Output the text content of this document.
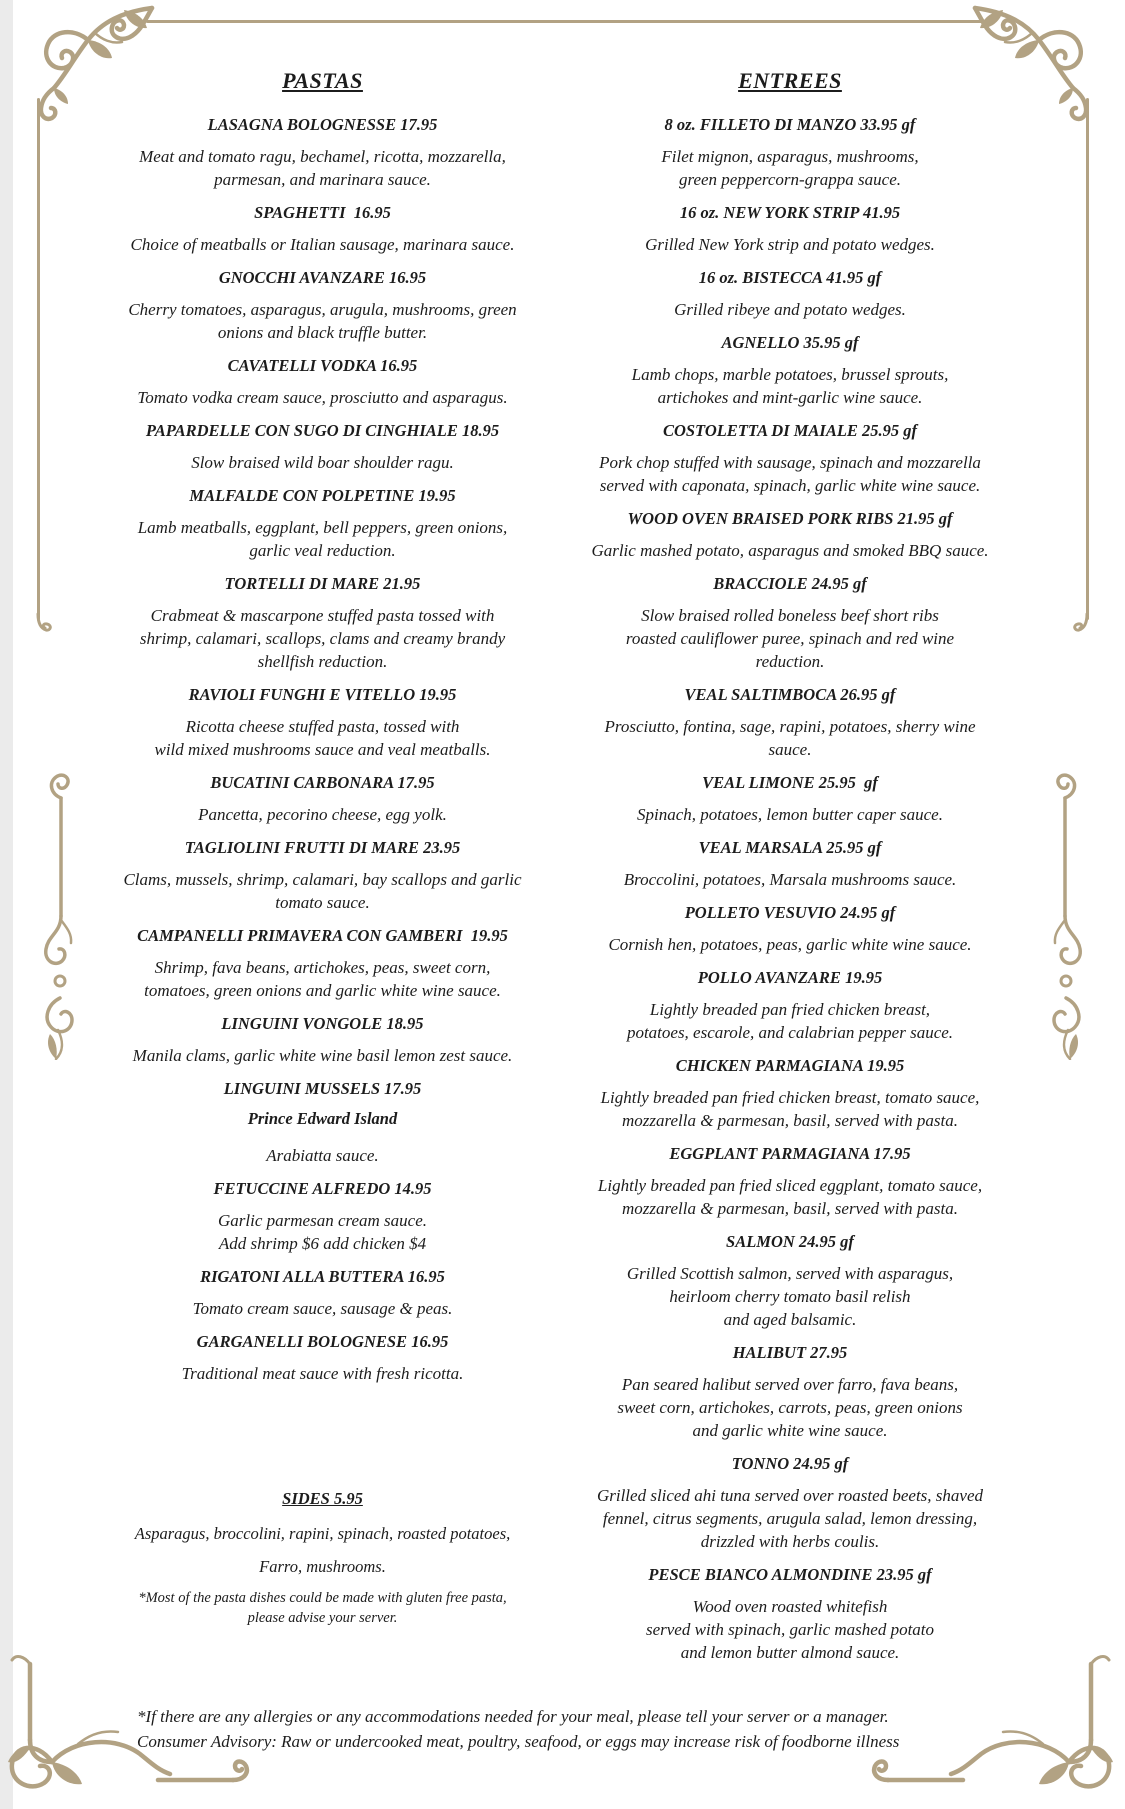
PASTAS
LASAGNA BOLOGNESSE 17.95
Meat and tomato ragu, bechamel, ricotta, mozzarella,
parmesan, and marinara sauce.
SPAGHETTI  16.95
Choice of meatballs or Italian sausage, marinara sauce.
GNOCCHI AVANZARE 16.95
Cherry tomatoes, asparagus, arugula, mushrooms, green
onions and black truffle butter.
CAVATELLI VODKA 16.95
Tomato vodka cream sauce, prosciutto and asparagus.
PAPARDELLE CON SUGO DI CINGHIALE 18.95
Slow braised wild boar shoulder ragu.
MALFALDE CON POLPETINE 19.95
Lamb meatballs, eggplant, bell peppers, green onions,
garlic veal reduction.
TORTELLI DI MARE 21.95
Crabmeat & mascarpone stuffed pasta tossed with
shrimp, calamari, scallops, clams and creamy brandy
shellfish reduction.
RAVIOLI FUNGHI E VITELLO 19.95
Ricotta cheese stuffed pasta, tossed with
wild mixed mushrooms sauce and veal meatballs.
BUCATINI CARBONARA 17.95
Pancetta, pecorino cheese, egg yolk.
TAGLIOLINI FRUTTI DI MARE 23.95
Clams, mussels, shrimp, calamari, bay scallops and garlic
tomato sauce.
CAMPANELLI PRIMAVERA CON GAMBERI  19.95
Shrimp, fava beans, artichokes, peas, sweet corn,
tomatoes, green onions and garlic white wine sauce.
LINGUINI VONGOLE 18.95
Manila clams, garlic white wine basil lemon zest sauce.
LINGUINI MUSSELS 17.95
Prince Edward Island
Arabiatta sauce.
FETUCCINE ALFREDO 14.95
Garlic parmesan cream sauce.
Add shrimp $6 add chicken $4
RIGATONI ALLA BUTTERA 16.95
Tomato cream sauce, sausage & peas.
GARGANELLI BOLOGNESE 16.95
Traditional meat sauce with fresh ricotta.
ENTREES
8 oz. FILLETO DI MANZO 33.95 gf
Filet mignon, asparagus, mushrooms,
green peppercorn-grappa sauce.
16 oz. NEW YORK STRIP 41.95
Grilled New York strip and potato wedges.
16 oz. BISTECCA 41.95 gf
Grilled ribeye and potato wedges.
AGNELLO 35.95 gf
Lamb chops, marble potatoes, brussel sprouts,
artichokes and mint-garlic wine sauce.
COSTOLETTA DI MAIALE 25.95 gf
Pork chop stuffed with sausage, spinach and mozzarella
served with caponata, spinach, garlic white wine sauce.
WOOD OVEN BRAISED PORK RIBS 21.95 gf
Garlic mashed potato, asparagus and smoked BBQ sauce.
BRACCIOLE 24.95 gf
Slow braised rolled boneless beef short ribs
roasted cauliflower puree, spinach and red wine
reduction.
VEAL SALTIMBOCA 26.95 gf
Prosciutto, fontina, sage, rapini, potatoes, sherry wine
sauce.
VEAL LIMONE 25.95  gf
Spinach, potatoes, lemon butter caper sauce.
VEAL MARSALA 25.95 gf
Broccolini, potatoes, Marsala mushrooms sauce.
POLLETO VESUVIO 24.95 gf
Cornish hen, potatoes, peas, garlic white wine sauce.
POLLO AVANZARE 19.95
Lightly breaded pan fried chicken breast,
potatoes, escarole, and calabrian pepper sauce.
CHICKEN PARMAGIANA 19.95
Lightly breaded pan fried chicken breast, tomato sauce,
mozzarella & parmesan, basil, served with pasta.
EGGPLANT PARMAGIANA 17.95
Lightly breaded pan fried sliced eggplant, tomato sauce,
mozzarella & parmesan, basil, served with pasta.
SALMON 24.95 gf
Grilled Scottish salmon, served with asparagus,
heirloom cherry tomato basil relish
and aged balsamic.
HALIBUT 27.95
Pan seared halibut served over farro, fava beans,
sweet corn, artichokes, carrots, peas, green onions
and garlic white wine sauce.
TONNO 24.95 gf
Grilled sliced ahi tuna served over roasted beets, shaved
fennel, citrus segments, arugula salad, lemon dressing,
drizzled with herbs coulis.
PESCE BIANCO ALMONDINE 23.95 gf
Wood oven roasted whitefish
served with spinach, garlic mashed potato
and lemon butter almond sauce.
SIDES 5.95
Asparagus, broccolini, rapini, spinach, roasted potatoes,
Farro, mushrooms.
*Most of the pasta dishes could be made with gluten free pasta,
please advise your server.
*If there are any allergies or any accommodations needed for your meal, please tell your server or a manager.
Consumer Advisory: Raw or undercooked meat, poultry, seafood, or eggs may increase risk of foodborne illness
